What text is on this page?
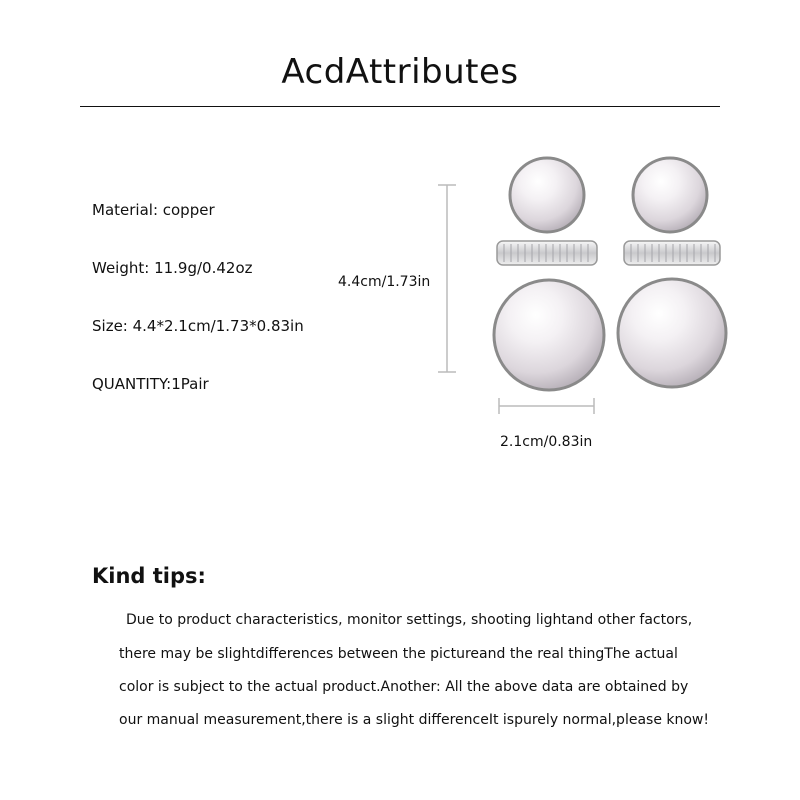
AcdAttributes
Material: copper
Weight: 11.9g/0.42oz
Size: 4.4*2.1cm/1.73*0.83in
QUANTITY:1Pair
4.4cm/1.73in
2.1cm/0.83in
Kind tips:
Due to product characteristics, monitor settings, shooting lightand other factors,
there may be slightdifferences between the pictureand the real thingThe actual
color is subject to the actual product.Another: All the above data are obtained by
our manual measurement,there is a slight differenceIt ispurely normal,please know!
